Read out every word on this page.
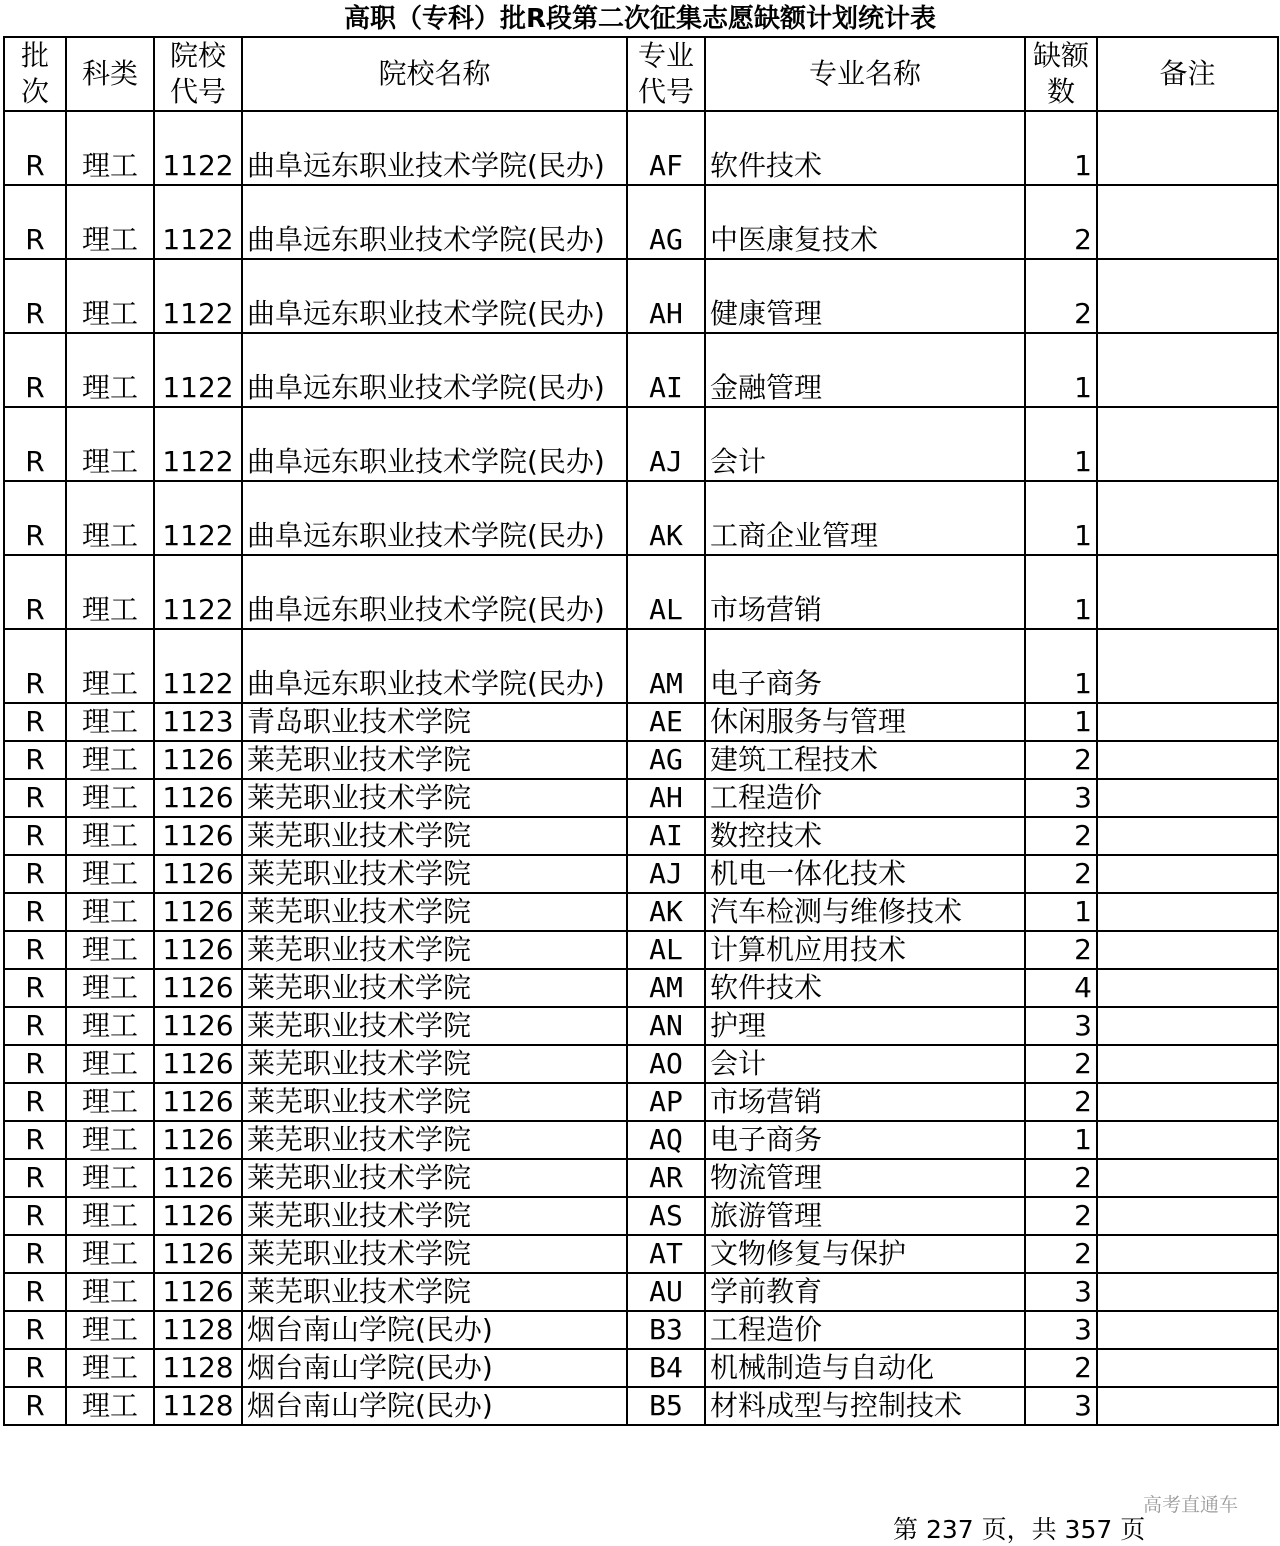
高职（专科）批R段第二次征集志愿缺额计划统计表
批次	科类	院校代号	院校名称	专业代号	专业名称	缺额数	备注
R	理工	1122	曲阜远东职业技术学院(民办)	AF	软件技术	1	
R	理工	1122	曲阜远东职业技术学院(民办)	AG	中医康复技术	2	
R	理工	1122	曲阜远东职业技术学院(民办)	AH	健康管理	2	
R	理工	1122	曲阜远东职业技术学院(民办)	AI	金融管理	1	
R	理工	1122	曲阜远东职业技术学院(民办)	AJ	会计	1	
R	理工	1122	曲阜远东职业技术学院(民办)	AK	工商企业管理	1	
R	理工	1122	曲阜远东职业技术学院(民办)	AL	市场营销	1	
R	理工	1122	曲阜远东职业技术学院(民办)	AM	电子商务	1	
R	理工	1123	青岛职业技术学院	AE	休闲服务与管理	1	
R	理工	1126	莱芜职业技术学院	AG	建筑工程技术	2	
R	理工	1126	莱芜职业技术学院	AH	工程造价	3	
R	理工	1126	莱芜职业技术学院	AI	数控技术	2	
R	理工	1126	莱芜职业技术学院	AJ	机电一体化技术	2	
R	理工	1126	莱芜职业技术学院	AK	汽车检测与维修技术	1	
R	理工	1126	莱芜职业技术学院	AL	计算机应用技术	2	
R	理工	1126	莱芜职业技术学院	AM	软件技术	4	
R	理工	1126	莱芜职业技术学院	AN	护理	3	
R	理工	1126	莱芜职业技术学院	AO	会计	2	
R	理工	1126	莱芜职业技术学院	AP	市场营销	2	
R	理工	1126	莱芜职业技术学院	AQ	电子商务	1	
R	理工	1126	莱芜职业技术学院	AR	物流管理	2	
R	理工	1126	莱芜职业技术学院	AS	旅游管理	2	
R	理工	1126	莱芜职业技术学院	AT	文物修复与保护	2	
R	理工	1126	莱芜职业技术学院	AU	学前教育	3	
R	理工	1128	烟台南山学院(民办)	B3	工程造价	3	
R	理工	1128	烟台南山学院(民办)	B4	机械制造与自动化	2	
R	理工	1128	烟台南山学院(民办)	B5	材料成型与控制技术	3	
高考直通车
第 237 页，共 357 页
